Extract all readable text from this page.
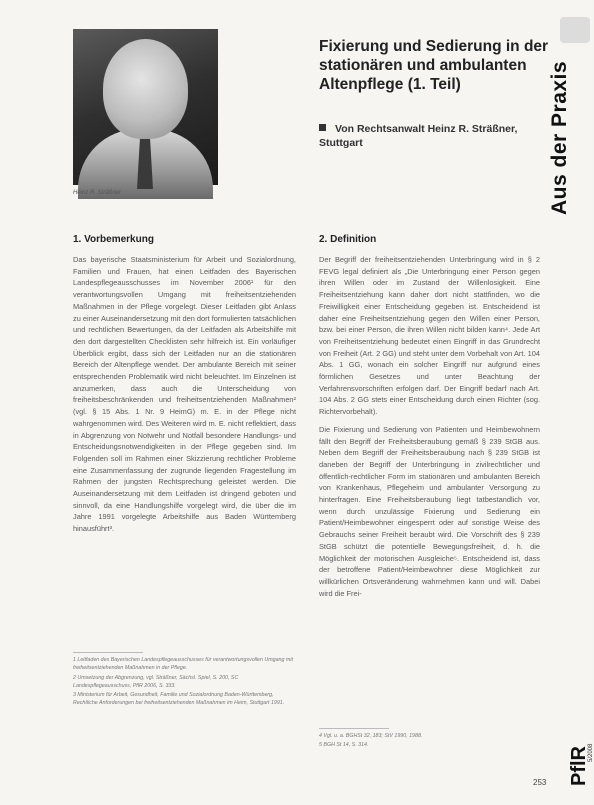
Heinz R. Sträßner
Fixierung und Sedierung in der stationären und ambulanten Altenpflege (1. Teil)
Von Rechtsanwalt Heinz R. Sträßner, Stuttgart	Aus der Praxis
1. Vorbemerkung

Das bayerische Staatsministerium für Arbeit und Sozialordnung, Familien und Frauen, hat einen Leitfaden des Bayerischen Landespflegeausschusses im November 2006¹ für den verantwortungsvollen Umgang mit freiheitsentziehenden Maßnahmen in der Pflege vorgelegt. Dieser Leitfaden gibt Anlass zu einer Auseinandersetzung mit den dort formulierten tatsächlichen und rechtlichen Bewertungen, da der Leitfaden als Arbeitshilfe mit den dort dargestellten Checklisten sehr hilfreich ist. Ein vorläufiger Überblick ergibt, dass sich der Leitfaden nur an die stationären Bereich der Altenpflege wendet. Der ambulante Bereich mit seiner entsprechenden Problematik wird nicht beleuchtet. Im Einzelnen ist anzumerken, dass auch die Unterscheidung von freiheitsbeschränkenden und freiheitsentziehenden Maßnahmen² (vgl. § 15 Abs. 1 Nr. 9 HeimG) m. E. in der Pflege nicht wahrgenommen wird. Des Weiteren wird m. E. nicht reflektiert, dass in Abgrenzung von Notwehr und Notfall besondere Handlungs- und Entscheidungsnotwendigkeiten in der Pflege gegeben sind. Im Folgenden soll im Rahmen einer Skizzierung rechtlicher Probleme eine Zusammenfassung der zugrunde liegenden Fragestellung im Rahmen der jungsten Rechtsprechung geleistet werden. Die Auseinandersetzung mit dem Leitfaden ist dringend geboten und sinnvoll, da eine Handlungshilfe vorgelegt wird, die über die im Jahre 1991 vorgelegte Arbeitshilfe aus Baden Württemberg hinausführt³.

1 Leitfaden des Bayerischen Landespflegeausschusses für verantwortungsvollen Umgang mit freiheitsentziehenden Maßnahmen in der Pflege.
2 Umsetzung der Abgrenzung, vgl. Sträßner, Sächsl. Spiel, S. 200, SC Landespflegeausschuss, PflR 2006, S. 333.
3 Ministerium für Arbeit, Gesundheit, Familie und Sozialordnung Baden-Württemberg, Rechtliche Anforderungen bei freiheitsentziehenden Maßnahmen im Heim, Stuttgart 1991.
2. Definition

Der Begriff der freiheitsentziehenden Unterbringung wird in § 2 FEVG legal definiert als „Die Unterbringung einer Person gegen ihren Willen oder im Zustand der Willenlosigkeit. Eine Freiheitsentziehung kann daher dort nicht stattfinden, wo die Freiwilligkeit einer Entscheidung gegeben ist. Entscheidend ist daher eine Freiheitsentziehung gegen den Willen einer Person, bzw. bei einer Person, die ihren Willen nicht bilden kann⁴. Jede Art von Freiheitsentziehung bedeutet einen Eingriff in das Grundrecht von Freiheit (Art. 2 GG) und steht unter dem Vorbehalt von Art. 104 Abs. 1 GG, wonach ein solcher Eingriff nur aufgrund eines förmlichen Gesetzes und unter Beachtung der Verfahrensvorschriften erfolgen darf. Der Eingriff bedarf nach Art. 104 Abs. 2 GG stets einer Entscheidung durch einen Richter (sog. Richtervorbehalt).

Die Fixierung und Sedierung von Patienten und Heimbewohnern fällt den Begriff der Freiheitsberaubung gemäß § 239 StGB aus. Neben dem Begriff der Freiheitsberaubung nach § 239 StGB ist daneben der Begriff der Unterbringung in zivilrechtlicher und öffentlich-rechtlicher Form im stationären und ambulanten Bereich von Krankenhaus, Pflegeheim und ambulanter Versorgung zu hinterfragen. Eine Freiheitsberaubung liegt tatbestandlich vor, wenn durch unzulässige Fixierung und Sedierung ein Patient/Heimbewohner eingesperrt oder auf sonstige Weise des Gebrauchs seiner Freiheit beraubt wird. Die Vorschrift des § 239 StGB schützt die potentielle Bewegungsfreiheit, d. h. die Möglichkeit der motorischen Ausgleiche⁵. Entscheidend ist, dass der betroffene Patient/Heimbewohner diese Möglichkeit zur willkürlichen Ortsveränderung wahrnehmen kann und will. Dabei wird die Frei-

4 Vgl. u. a. BGHSt 32, 183; StV 1990, 1988.
5 BGH St 14, S. 314.
PflR
5/2008
253
